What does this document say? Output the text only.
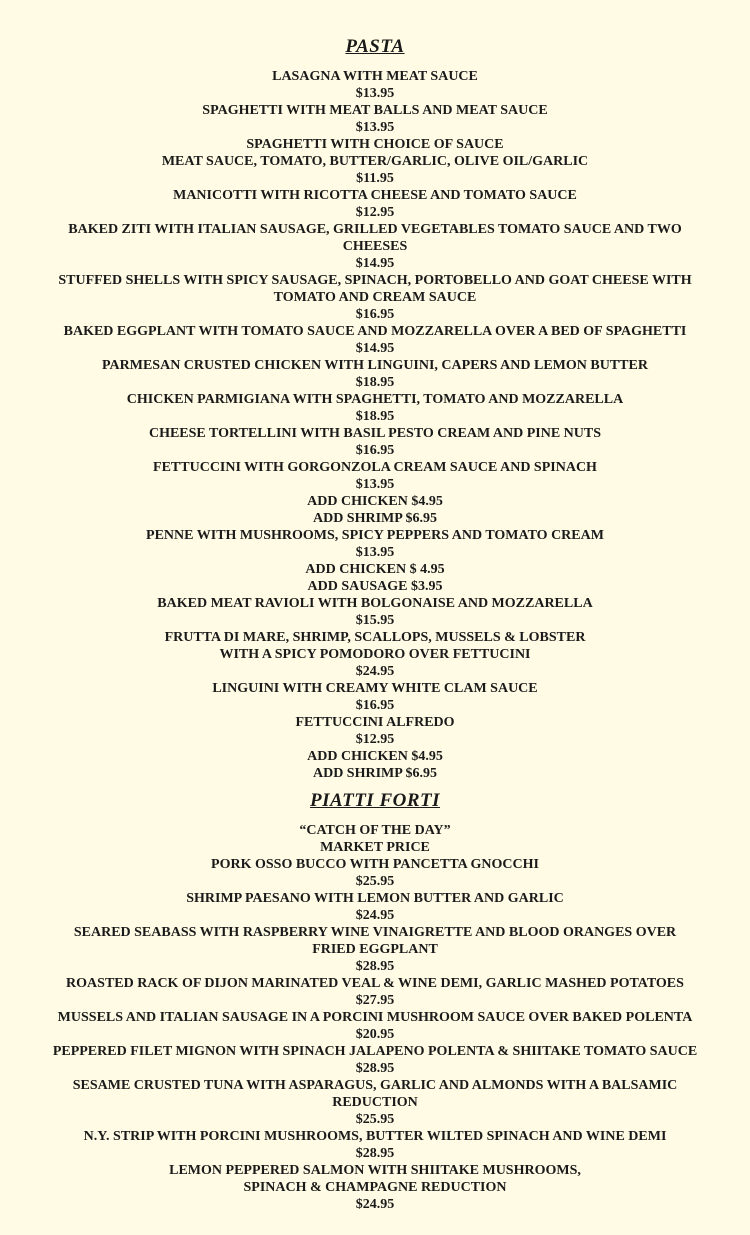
PASTA
LASAGNA WITH MEAT SAUCE
$13.95
SPAGHETTI WITH MEAT BALLS AND MEAT SAUCE
$13.95
SPAGHETTI WITH CHOICE OF SAUCE
MEAT SAUCE, TOMATO, BUTTER/GARLIC, OLIVE OIL/GARLIC
$11.95
MANICOTTI WITH RICOTTA CHEESE AND TOMATO SAUCE
$12.95
BAKED ZITI WITH ITALIAN SAUSAGE, GRILLED VEGETABLES TOMATO SAUCE AND TWO
CHEESES
$14.95
STUFFED SHELLS WITH SPICY SAUSAGE, SPINACH, PORTOBELLO AND GOAT CHEESE WITH
TOMATO AND CREAM SAUCE
$16.95
BAKED EGGPLANT WITH TOMATO SAUCE AND MOZZARELLA OVER A BED OF SPAGHETTI
$14.95
PARMESAN CRUSTED CHICKEN WITH LINGUINI, CAPERS AND LEMON BUTTER
$18.95
CHICKEN PARMIGIANA WITH SPAGHETTI, TOMATO AND MOZZARELLA
$18.95
CHEESE TORTELLINI WITH BASIL PESTO CREAM AND PINE NUTS
$16.95
FETTUCCINI WITH GORGONZOLA CREAM SAUCE AND SPINACH
$13.95
ADD CHICKEN $4.95
ADD SHRIMP $6.95
PENNE WITH MUSHROOMS, SPICY PEPPERS AND TOMATO CREAM
$13.95
ADD CHICKEN $ 4.95
ADD SAUSAGE $3.95
BAKED MEAT RAVIOLI WITH BOLGONAISE AND MOZZARELLA
$15.95
FRUTTA DI MARE, SHRIMP, SCALLOPS, MUSSELS & LOBSTER
WITH A SPICY POMODORO OVER FETTUCINI
$24.95
LINGUINI WITH CREAMY WHITE CLAM SAUCE
$16.95
FETTUCCINI ALFREDO
$12.95
ADD CHICKEN $4.95
ADD SHRIMP $6.95
PIATTI FORTI
“CATCH OF THE DAY”
MARKET PRICE
PORK OSSO BUCCO WITH PANCETTA GNOCCHI
$25.95
SHRIMP PAESANO WITH LEMON BUTTER AND GARLIC
$24.95
SEARED SEABASS WITH RASPBERRY WINE VINAIGRETTE AND BLOOD ORANGES OVER
FRIED EGGPLANT
$28.95
ROASTED RACK OF DIJON MARINATED VEAL & WINE DEMI, GARLIC MASHED POTATOES
$27.95
MUSSELS AND ITALIAN SAUSAGE IN A PORCINI MUSHROOM SAUCE OVER BAKED POLENTA
$20.95
PEPPERED FILET MIGNON WITH SPINACH JALAPENO POLENTA & SHIITAKE TOMATO SAUCE
$28.95
SESAME CRUSTED TUNA WITH ASPARAGUS, GARLIC AND ALMONDS WITH A BALSAMIC
REDUCTION
$25.95
N.Y. STRIP WITH PORCINI MUSHROOMS, BUTTER WILTED SPINACH AND WINE DEMI
$28.95
LEMON PEPPERED SALMON WITH SHIITAKE MUSHROOMS,
SPINACH & CHAMPAGNE REDUCTION
$24.95
